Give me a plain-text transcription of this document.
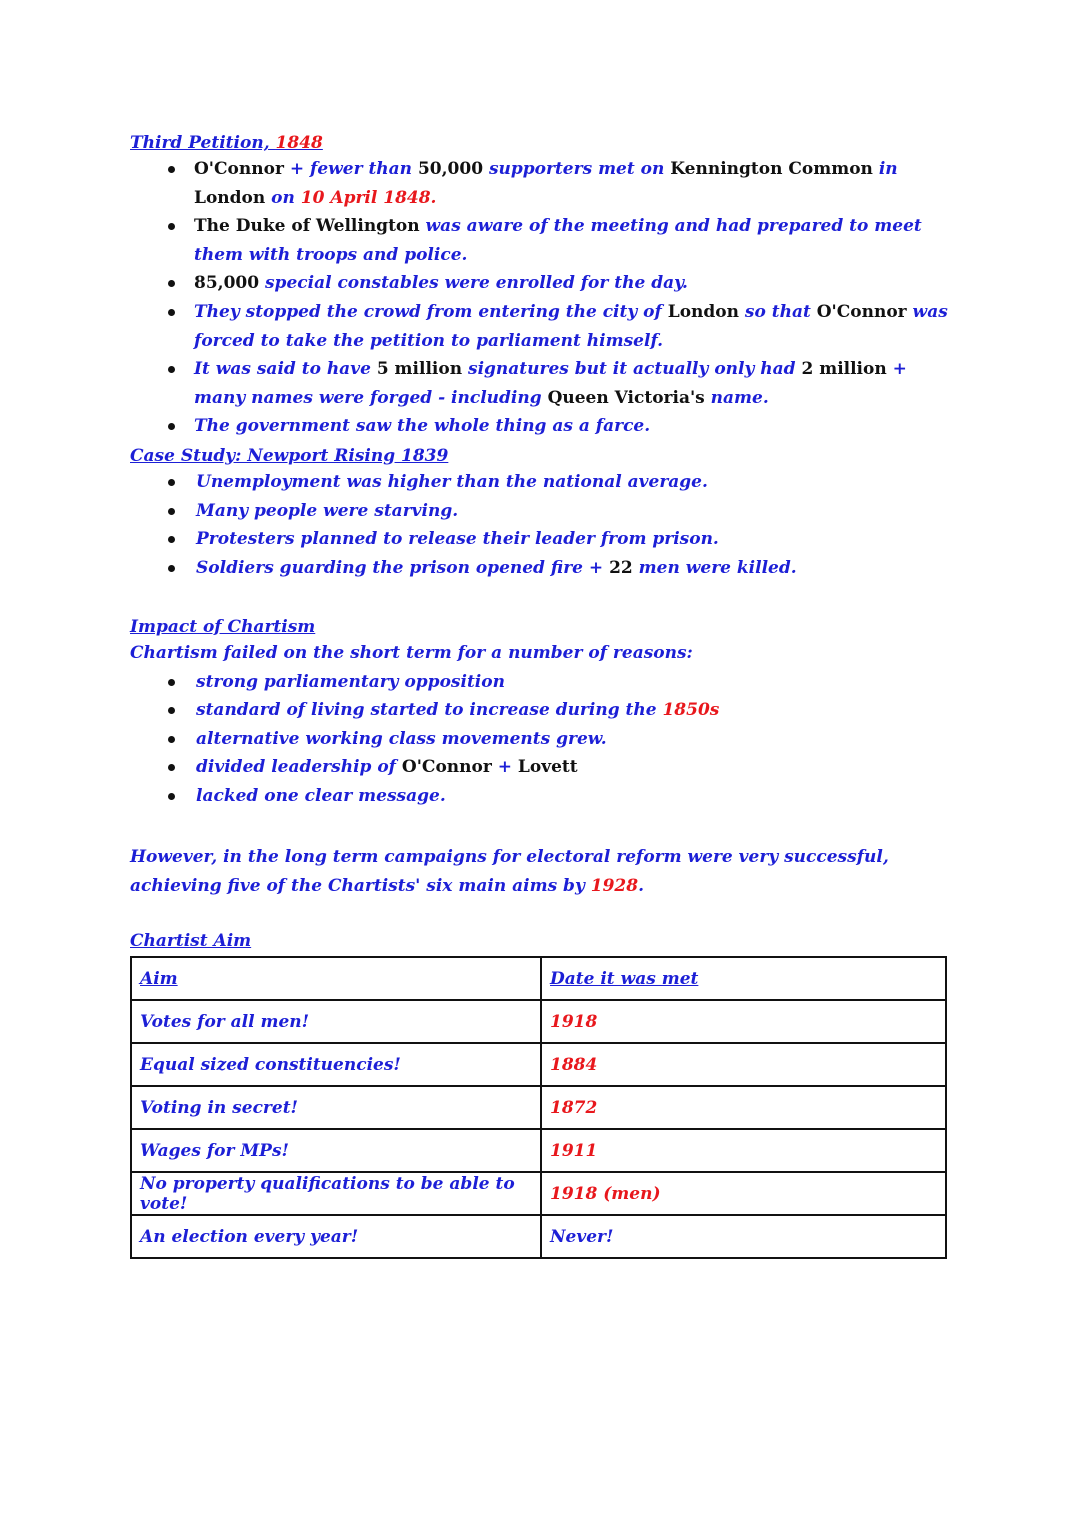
Third Petition, 1848

O'Connor + fewer than 50,000 supporters met on Kennington Common in London on 10 April 1848.
The Duke of Wellington was aware of the meeting and had prepared to meet them with troops and police.
85,000 special constables were enrolled for the day.
They stopped the crowd from entering the city of London so that O'Connor was forced to take the petition to parliament himself.
It was said to have 5 million signatures but it actually only had 2 million + many names were forged - including Queen Victoria's name.
The government saw the whole thing as a farce.

Case Study: Newport Rising 1839

Unemployment was higher than the national average.
Many people were starving.
Protesters planned to release their leader from prison.
Soldiers guarding the prison opened fire + 22 men were killed.

Impact of Chartism

Chartism failed on the short term for a number of reasons:

strong parliamentary opposition
standard of living started to increase during the 1850s
alternative working class movements grew.
divided leadership of O'Connor + Lovett
lacked one clear message.

However, in the long term campaigns for electoral reform were very successful, achieving five of the Chartists' six main aims by 1928.

Chartist Aim

Aim	Date it was met
Votes for all men!	1918
Equal sized constituencies!	1884
Voting in secret!	1872
Wages for MPs!	1911
No property qualifications to be able to vote!	1918 (men)
An election every year!	Never!
